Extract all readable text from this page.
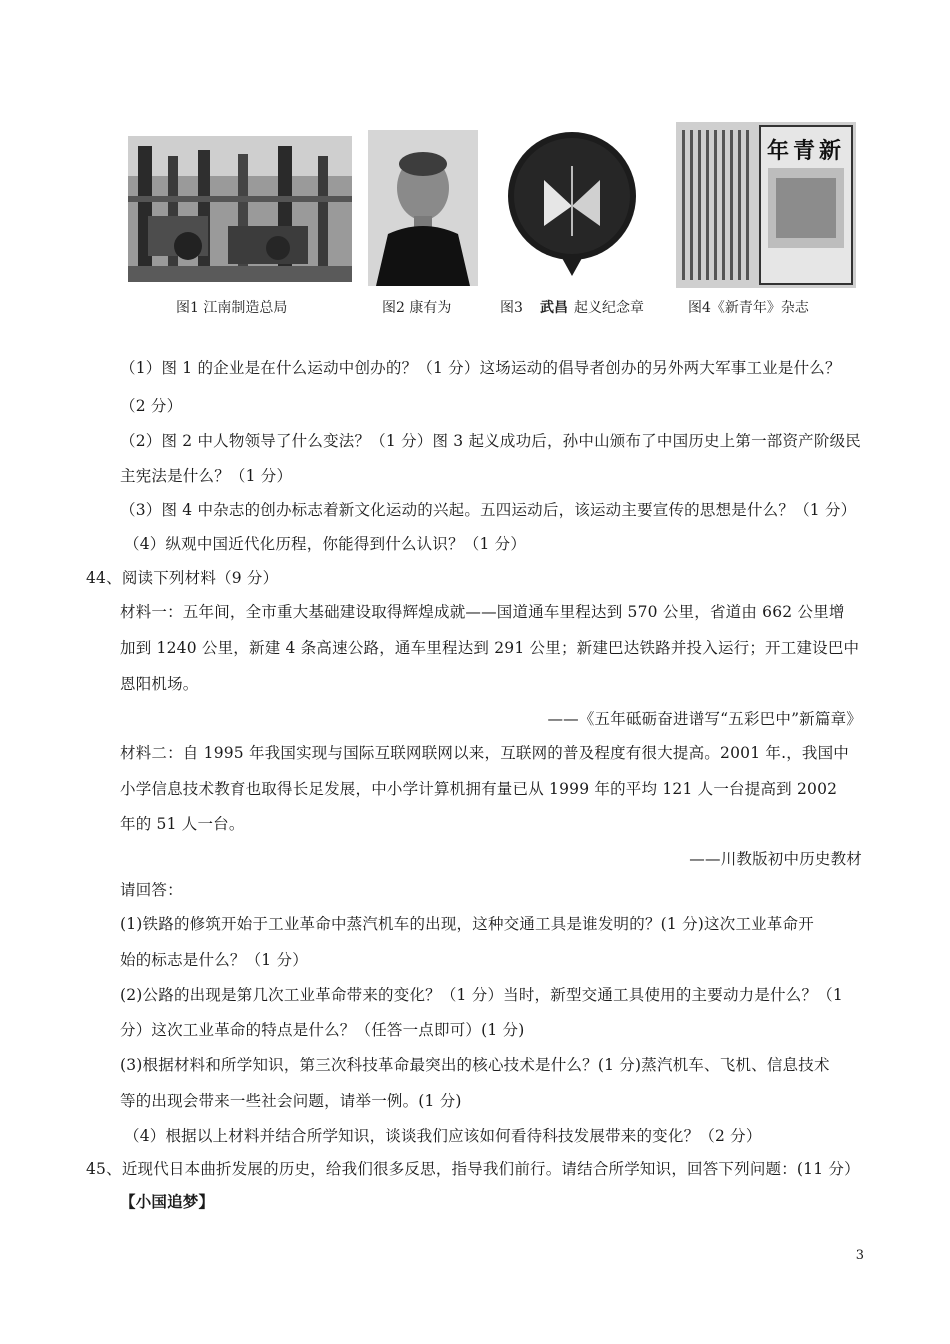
年青新
图1 江南制造总局	图2 康有为	图3 武昌 起义纪念章	图4《新青年》杂志
（1）图 1 的企业是在什么运动中创办的？（1 分）这场运动的倡导者创办的另外两大军事工业是什么？
（2 分）
（2）图 2 中人物领导了什么变法？（1 分）图 3 起义成功后，孙中山颁布了中国历史上第一部资产阶级民
主宪法是什么？（1 分）
（3）图 4 中杂志的创办标志着新文化运动的兴起。五四运动后，该运动主要宣传的思想是什么？（1 分）
（4）纵观中国近代化历程，你能得到什么认识？（1 分）
44、阅读下列材料（9 分）
材料一：五年间，全市重大基础建设取得辉煌成就——国道通车里程达到 570 公里，省道由 662 公里增
加到 1240 公里，新建 4 条高速公路，通车里程达到 291 公里；新建巴达铁路并投入运行；开工建设巴中
恩阳机场。
——《五年砥砺奋进谱写“五彩巴中”新篇章》
材料二：自 1995 年我国实现与国际互联网联网以来，互联网的普及程度有很大提高。2001 年.，我国中
小学信息技术教育也取得长足发展，中小学计算机拥有量已从 1999 年的平均 121 人一台提高到 2002
年的 51 人一台。
——川教版初中历史教材
请回答：
(1)铁路的修筑开始于工业革命中蒸汽机车的出现，这种交通工具是谁发明的？(1 分)这次工业革命开
始的标志是什么？（1 分）
(2)公路的出现是第几次工业革命带来的变化？（1 分）当时，新型交通工具使用的主要动力是什么？（1
分）这次工业革命的特点是什么？（任答一点即可）(1 分)
(3)根据材料和所学知识，第三次科技革命最突出的核心技术是什么？(1 分)蒸汽机车、飞机、信息技术
等的出现会带来一些社会问题，请举一例。(1 分)
（4）根据以上材料并结合所学知识，谈谈我们应该如何看待科技发展带来的变化？（2 分）
45、近现代日本曲折发展的历史，给我们很多反思，指导我们前行。请结合所学知识，回答下列问题：(11 分）
【小国追梦】
3
